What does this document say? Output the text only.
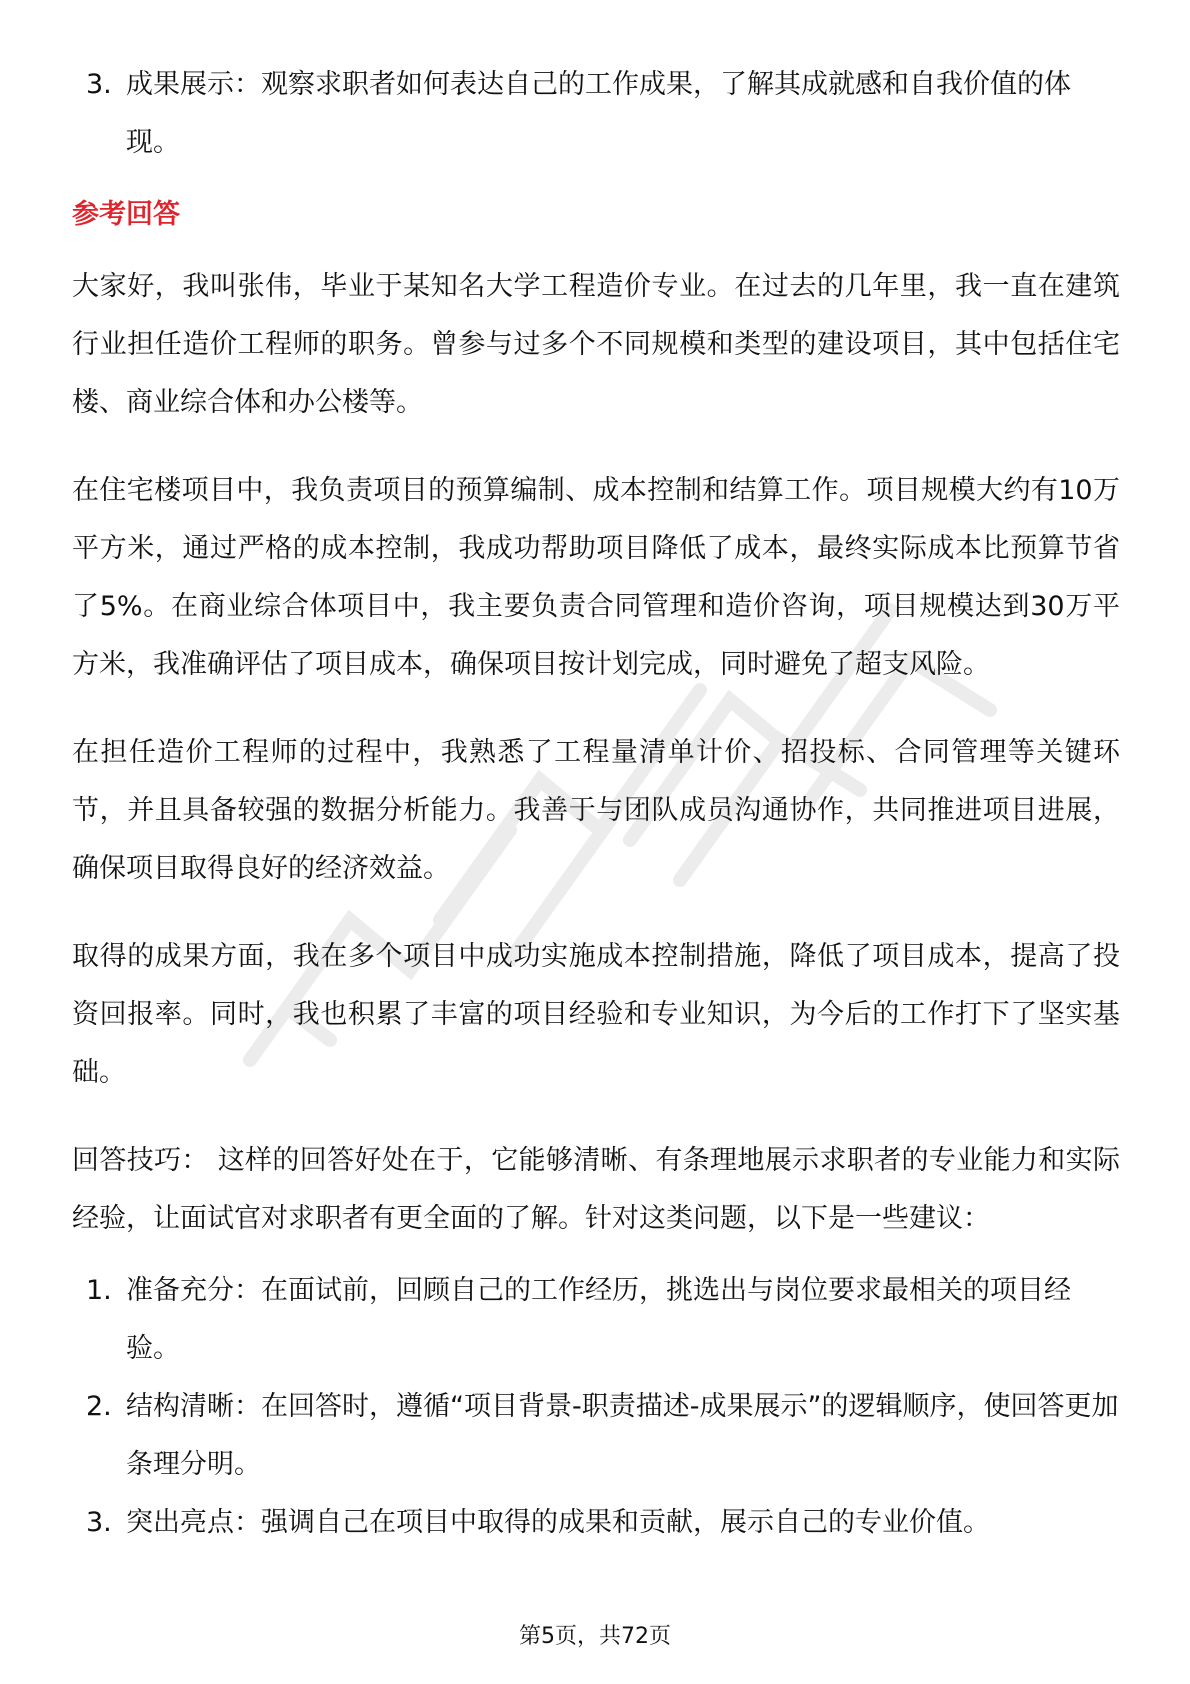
3. 成果展示：观察求职者如何表达自己的工作成果，了解其成就感和自我价值的体现。

参考回答

大家好，我叫张伟，毕业于某知名大学工程造价专业。在过去的几年里，我一直在建筑行业担任造价工程师的职务。曾参与过多个不同规模和类型的建设项目，其中包括住宅楼、商业综合体和办公楼等。

在住宅楼项目中，我负责项目的预算编制、成本控制和结算工作。项目规模大约有10万平方米，通过严格的成本控制，我成功帮助项目降低了成本，最终实际成本比预算节省了5%。在商业综合体项目中，我主要负责合同管理和造价咨询，项目规模达到30万平方米，我准确评估了项目成本，确保项目按计划完成，同时避免了超支风险。

在担任造价工程师的过程中，我熟悉了工程量清单计价、招投标、合同管理等关键环节，并且具备较强的数据分析能力。我善于与团队成员沟通协作，共同推进项目进展，确保项目取得良好的经济效益。

取得的成果方面，我在多个项目中成功实施成本控制措施，降低了项目成本，提高了投资回报率。同时，我也积累了丰富的项目经验和专业知识，为今后的工作打下了坚实基础。

回答技巧： 这样的回答好处在于，它能够清晰、有条理地展示求职者的专业能力和实际经验，让面试官对求职者有更全面的了解。针对这类问题，以下是一些建议：

1. 准备充分：在面试前，回顾自己的工作经历，挑选出与岗位要求最相关的项目经验。
2. 结构清晰：在回答时，遵循“项目背景-职责描述-成果展示”的逻辑顺序，使回答更加条理分明。
3. 突出亮点：强调自己在项目中取得的成果和贡献，展示自己的专业价值。
第5页，共72页
